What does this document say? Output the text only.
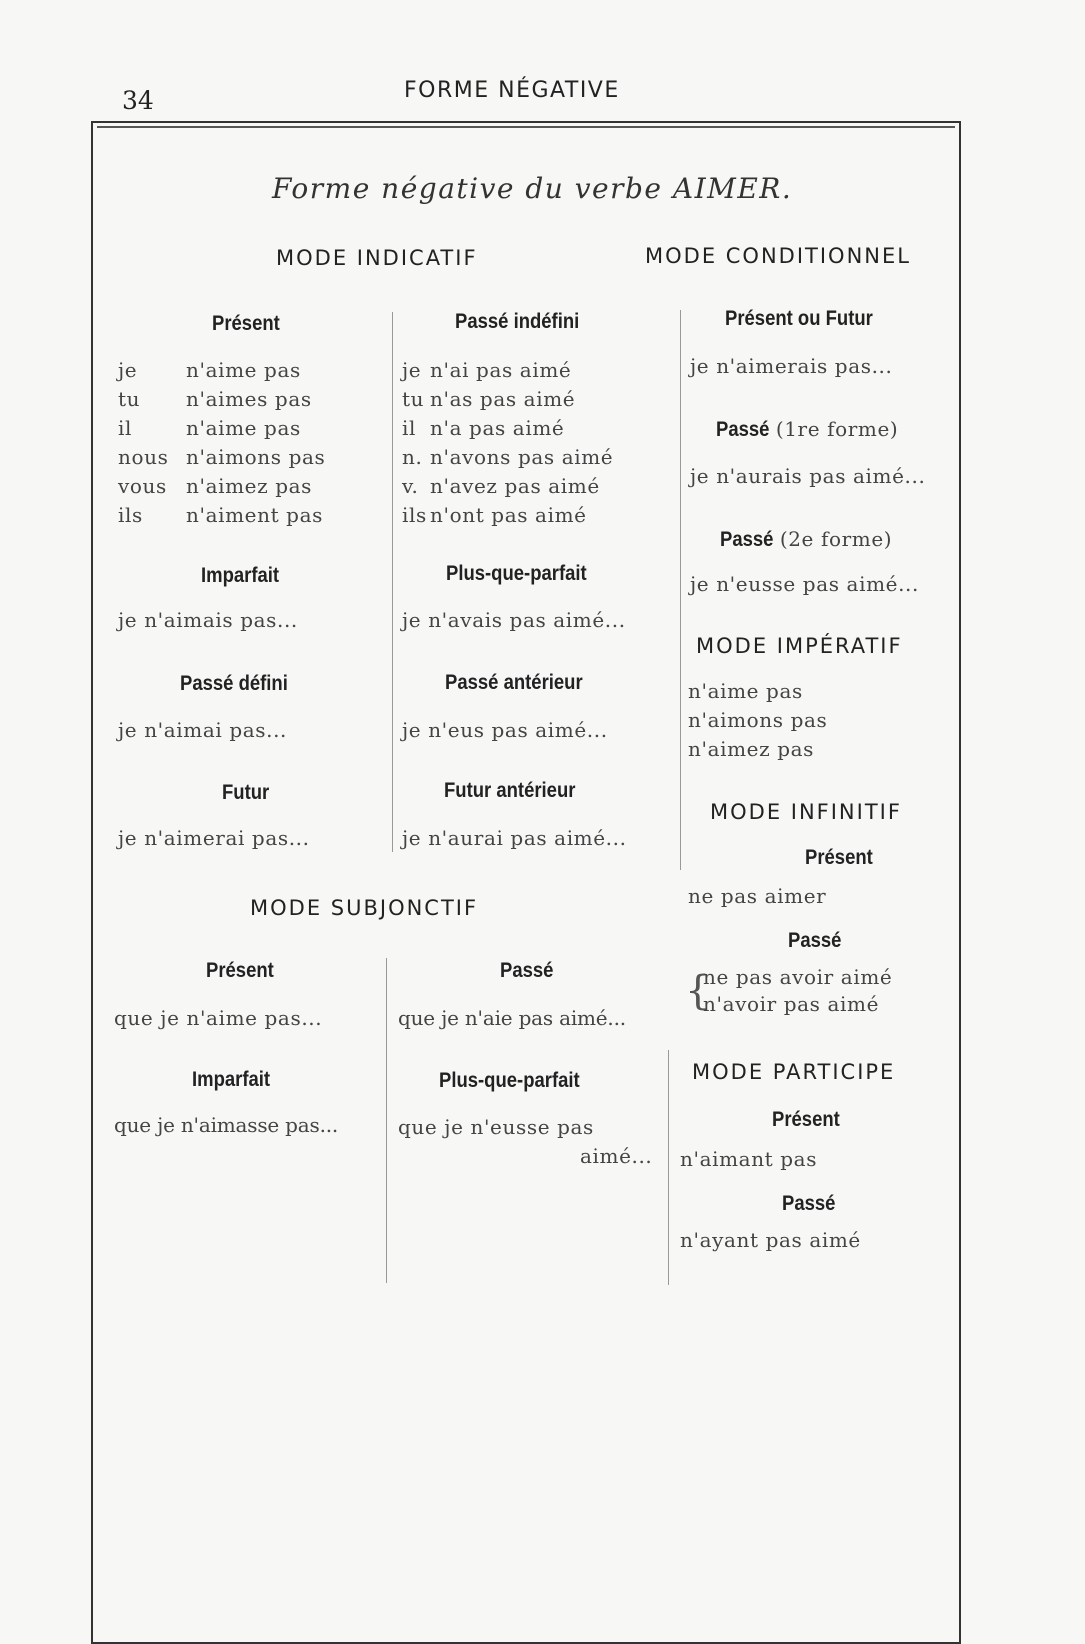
34	FORME NÉGATIVE
Forme négative du verbe AIMER.
MODE INDICATIF
Présent
je n'aime pas
tu n'aimes pas
il	n'aime pas
nous n'aimons pas
vous n'aimez pas
ils n'aiment pas
Passé indéfini
je n'ai pas aimé
tu n'as pas aimé
il n'a pas aimé
n. n'avons pas aimé
v. n'avez pas aimé
ils n'ont pas aimé
Imparfait
je n'aimais pas...
Plus-que-parfait
je n'avais pas aimé...
Passé défini
je n'aimai pas...
Passé antérieur
je n'eus pas aimé...
Futur
je n'aimerai pas...
Futur antérieur
je n'aurai pas aimé...
MODE CONDITIONNEL
Présent ou Futur
je n'aimerais pas...
Passé (1re forme)
je n'aurais pas aimé...
Passé (2e forme)
je n'eusse pas aimé...
MODE IMPÉRATIF
n'aime pas
n'aimons pas
n'aimez pas
MODE INFINITIF
Présent
ne pas aimer
Passé
{
ne pas avoir aimé
n'avoir pas aimé
MODE PARTICIPE
Présent
n'aimant pas
Passé
n'ayant pas aimé
MODE SUBJONCTIF
Présent
que je n'aime pas...
Passé
que je n'aie pas aimé...
Imparfait
que je n'aimasse pas...
Plus-que-parfait
que je n'eusse pas
aimé...
